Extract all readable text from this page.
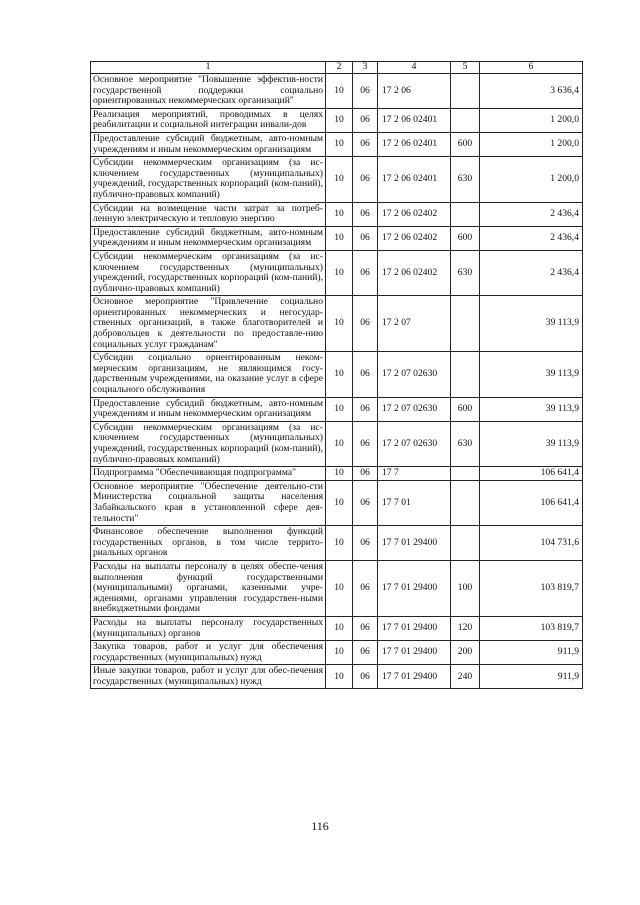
1	2	3	4	5	6
Основное мероприятие "Повышение эффектив-ности государственной поддержки социально ориентированных некоммерческих организаций"	10	06	17 2 06		3 636,4
Реализация мероприятий, проводимых в целях реабилитации и социальной интеграции инвали-дов	10	06	17 2 06 02401		1 200,0
Предоставление субсидий бюджетным, авто-номным учреждениям и иным некоммерческим организациям	10	06	17 2 06 02401	600	1 200,0
Субсидии некоммерческим организациям (за ис-ключением государственных (муниципальных) учреждений, государственных корпораций (ком-паний), публично-правовых компаний)	10	06	17 2 06 02401	630	1 200,0
Субсидии на возмещение части затрат за потреб-ленную электрическую и тепловую энергию	10	06	17 2 06 02402		2 436,4
Предоставление субсидий бюджетным, авто-номным учреждениям и иным некоммерческим организациям	10	06	17 2 06 02402	600	2 436,4
Субсидии некоммерческим организациям (за ис-ключением государственных (муниципальных) учреждений, государственных корпораций (ком-паний), публично-правовых компаний)	10	06	17 2 06 02402	630	2 436,4
Основное мероприятие "Привлечение социально ориентированных некоммерческих и негосудар-ственных организаций, в также благотворителей и добровольцев к деятельности по предоставле-нию социальных услуг гражданам"	10	06	17 2 07		39 113,9
Субсидии социально ориентированным неком-мерческим организациям, не являющимся госу-дарственным учреждениями, на оказание услуг в сфере социального обслуживания	10	06	17 2 07 02630		39 113,9
Предоставление субсидий бюджетным, авто-номным учреждениям и иным некоммерческим организациям	10	06	17 2 07 02630	600	39 113,9
Субсидии некоммерческим организациям (за ис-ключением государственных (муниципальных) учреждений, государственных корпораций (ком-паний), публично-правовых компаний)	10	06	17 2 07 02630	630	39 113,9
Подпрограмма "Обеспечивающая подпрограмма"	10	06	17 7		106 641,4
Основное мероприятие "Обеспечение деятельно-сти Министерства социальной защиты населения Забайкальского края в установленной сфере дея-тельности"	10	06	17 7 01		106 641,4
Финансовое обеспечение выполнения функций государственных органов, в том числе террито-риальных органов	10	06	17 7 01 29400		104 731,6
Расходы на выплаты персоналу в целях обеспе-чения выполнения функций государственными (муниципальными) органами, казенными учре-ждениями, органами управления государствен-ными внебюджетными фондами	10	06	17 7 01 29400	100	103 819,7
Расходы на выплаты персоналу государственных (муниципальных) органов	10	06	17 7 01 29400	120	103 819,7
Закупка товаров, работ и услуг для обеспечения государственных (муниципальных) нужд	10	06	17 7 01 29400	200	911,9
Иные закупки товаров, работ и услуг для обес-печения государственных (муниципальных) нужд	10	06	17 7 01 29400	240	911,9
116
